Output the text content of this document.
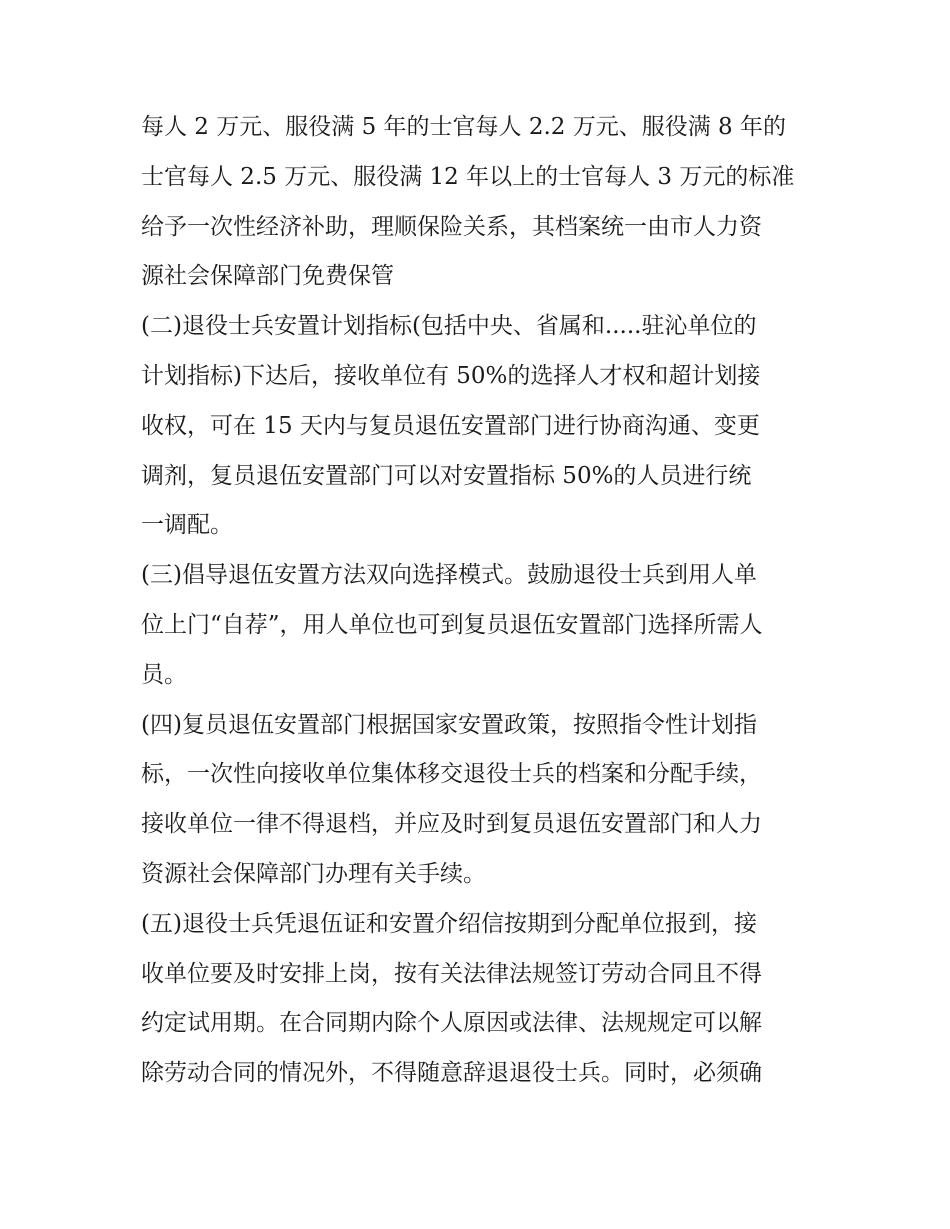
每人 2 万元、服役满 5 年的士官每人 2.2 万元、服役满 8 年的
士官每人 2.5 万元、服役满 12 年以上的士官每人 3 万元的标准
给予一次性经济补助，理顺保险关系，其档案统一由市人力资
源社会保障部门免费保管
(二)退役士兵安置计划指标(包括中央、省属和.....驻沁单位的
计划指标)下达后，接收单位有 50%的选择人才权和超计划接
收权，可在 15 天内与复员退伍安置部门进行协商沟通、变更
调剂，复员退伍安置部门可以对安置指标 50%的人员进行统
一调配。
(三)倡导退伍安置方法双向选择模式。鼓励退役士兵到用人单
位上门“自荐”，用人单位也可到复员退伍安置部门选择所需人
员。
(四)复员退伍安置部门根据国家安置政策，按照指令性计划指
标，一次性向接收单位集体移交退役士兵的档案和分配手续，
接收单位一律不得退档，并应及时到复员退伍安置部门和人力
资源社会保障部门办理有关手续。
(五)退役士兵凭退伍证和安置介绍信按期到分配单位报到，接
收单位要及时安排上岗，按有关法律法规签订劳动合同且不得
约定试用期。在合同期内除个人原因或法律、法规规定可以解
除劳动合同的情况外，不得随意辞退退役士兵。同时，必须确
